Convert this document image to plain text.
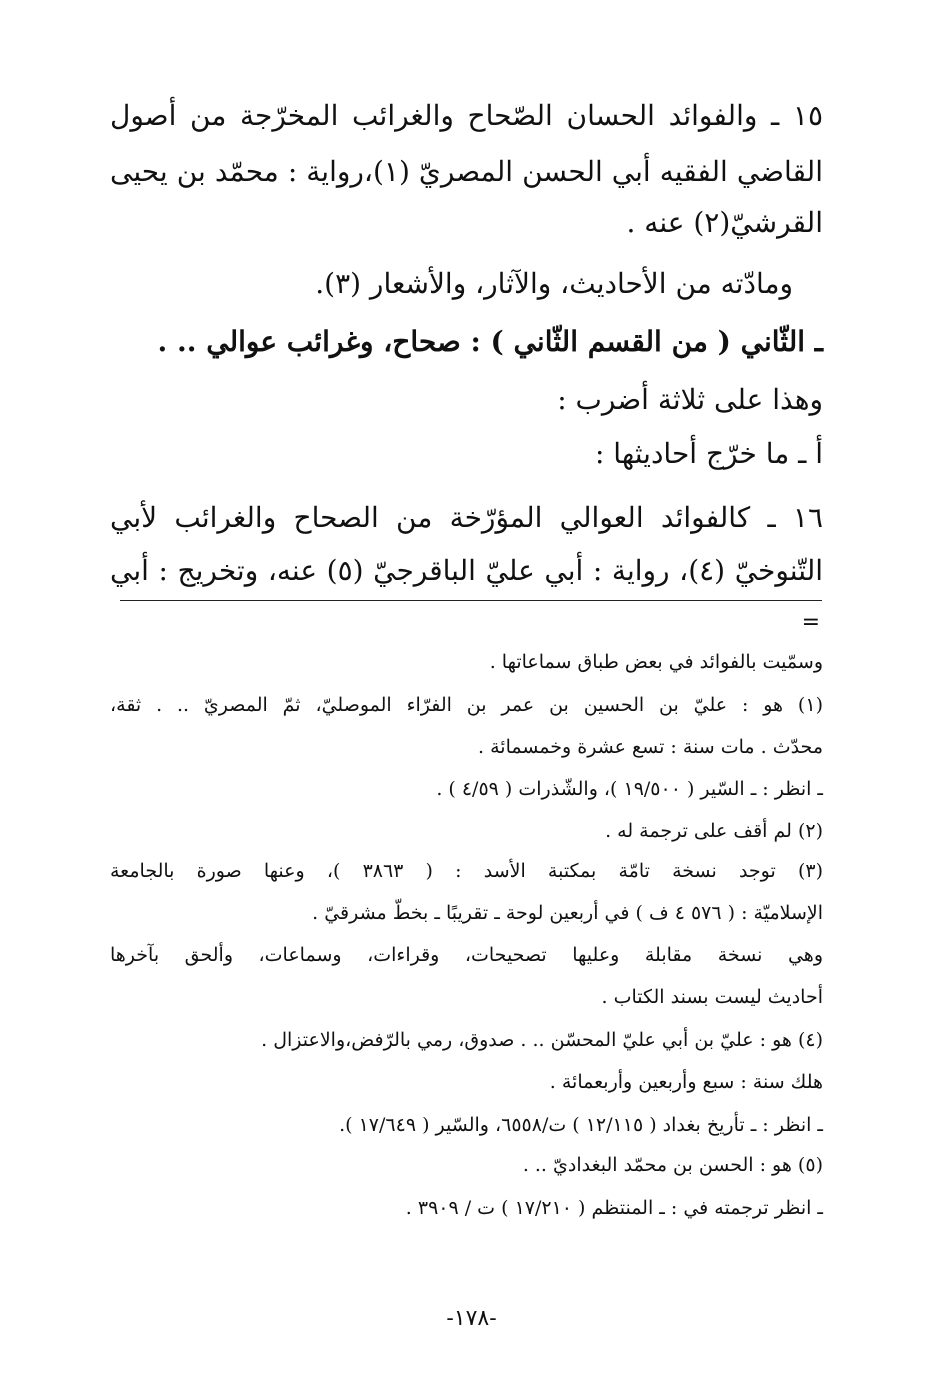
١٥ ـ والفوائد الحسان الصّحاح والغرائب المخرّجة من أصول
القاضي الفقيه أبي الحسن المصريّ (١)،رواية : محمّد بن يحيى
القرشيّ(٢) عنه .
ومادّته من الأحاديث، والآثار، والأشعار (٣).
ـ الثّاني ( من القسم الثّاني ) : صحاح، وغرائب عوالي .. .
وهذا على ثلاثة أضرب :
أ ـ ما خرّج أحاديثها :
١٦ ـ كالفوائد العوالي المؤرّخة من الصحاح والغرائب لأبي
التّنوخيّ (٤)، رواية : أبي عليّ الباقرجيّ (٥) عنه، وتخريج : أبي
=
وسمّيت بالفوائد في بعض طباق سماعاتها .
(١) هو : عليّ بن الحسين بن عمر بن الفرّاء الموصليّ، ثمّ المصريّ .. . ثقة،
محدّث . مات سنة : تسع عشرة وخمسمائة .
ـ انظر : ـ السّير ( ١٩/٥٠٠ )، والشّذرات ( ٤/٥٩ ) .
(٢) لم أقف على ترجمة له .
(٣) توجد نسخة تامّة بمكتبة الأسد : ( ٣٨٦٣ )، وعنها صورة بالجامعة
الإسلاميّة : ( ٥٧٦ ٤ ف ) في أربعين لوحة ـ تقريبًا ـ بخطّ مشرقيّ .
وهي نسخة مقابلة وعليها تصحيحات، وقراءات، وسماعات، وألحق بآخرها
أحاديث ليست بسند الكتاب .
(٤) هو : عليّ بن أبي عليّ المحسّن .. . صدوق، رمي بالرّفض،والاعتزال .
هلك سنة : سبع وأربعين وأربعمائة .
ـ انظر : ـ تأريخ بغداد ( ١٢/١١٥ ) ت/٦٥٥٨، والسّير ( ١٧/٦٤٩ ).
(٥) هو : الحسن بن محمّد البغداديّ .. .
ـ انظر ترجمته في : ـ المنتظم ( ١٧/٢١٠ ) ت / ٣٩٠٩ .
-١٧٨-
